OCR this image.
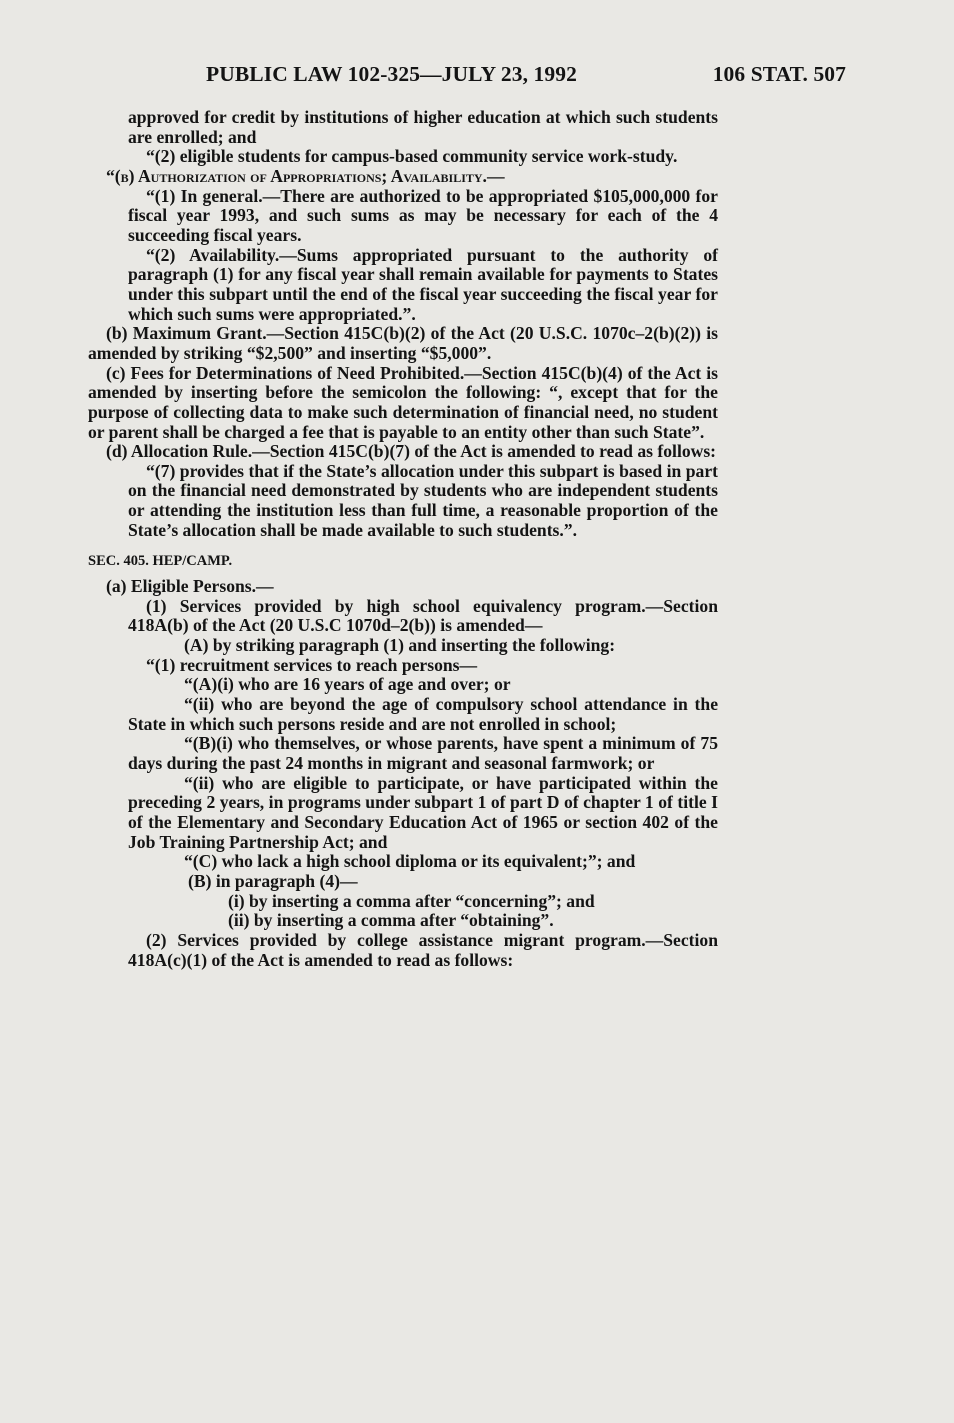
PUBLIC LAW 102-325—JULY 23, 1992	106 STAT. 507

approved for credit by institutions of higher education at which such students are enrolled; and

“(2) eligible students for campus-based community service work-study.

“(b) Authorization of Appropriations; Availability.—

“(1) In general.—There are authorized to be appropriated $105,000,000 for fiscal year 1993, and such sums as may be necessary for each of the 4 succeeding fiscal years.

“(2) Availability.—Sums appropriated pursuant to the authority of paragraph (1) for any fiscal year shall remain available for payments to States under this subpart until the end of the fiscal year succeeding the fiscal year for which such sums were appropriated.”.

(b) Maximum Grant.—Section 415C(b)(2) of the Act (20 U.S.C. 1070c–2(b)(2)) is amended by striking “$2,500” and inserting “$5,000”.

(c) Fees for Determinations of Need Prohibited.—Section 415C(b)(4) of the Act is amended by inserting before the semicolon the following: “, except that for the purpose of collecting data to make such determination of financial need, no student or parent shall be charged a fee that is payable to an entity other than such State”.

(d) Allocation Rule.—Section 415C(b)(7) of the Act is amended to read as follows:

“(7) provides that if the State’s allocation under this subpart is based in part on the financial need demonstrated by students who are independent students or attending the institution less than full time, a reasonable proportion of the State’s allocation shall be made available to such students.”.

SEC. 405. HEP/CAMP.

(a) Eligible Persons.—

(1) Services provided by high school equivalency program.—Section 418A(b) of the Act (20 U.S.C 1070d–2(b)) is amended—

(A) by striking paragraph (1) and inserting the following:

“(1) recruitment services to reach persons—

“(A)(i) who are 16 years of age and over; or

“(ii) who are beyond the age of compulsory school attendance in the State in which such persons reside and are not enrolled in school;

“(B)(i) who themselves, or whose parents, have spent a minimum of 75 days during the past 24 months in migrant and seasonal farmwork; or

“(ii) who are eligible to participate, or have participated within the preceding 2 years, in programs under subpart 1 of part D of chapter 1 of title I of the Elementary and Secondary Education Act of 1965 or section 402 of the Job Training Partnership Act; and

“(C) who lack a high school diploma or its equivalent;”; and

(B) in paragraph (4)—

(i) by inserting a comma after “concerning”; and

(ii) by inserting a comma after “obtaining”.

(2) Services provided by college assistance migrant program.—Section 418A(c)(1) of the Act is amended to read as follows:
